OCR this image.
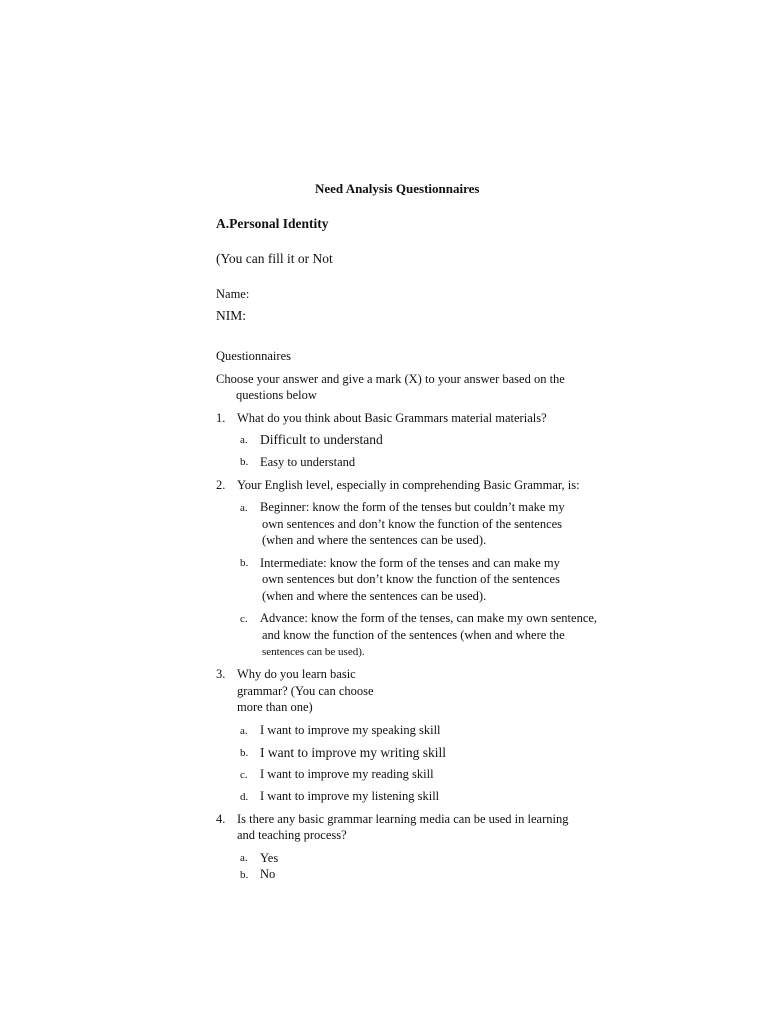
Need Analysis Questionnaires
A.Personal Identity
(You can fill it or Not
Name:
NIM:
Questionnaires
Choose your answer and give a mark (X) to your answer based on the
questions below
1. What do you think about Basic Grammars material materials?
a. Difficult to understand
b. Easy to understand
2. Your English level, especially in comprehending Basic Grammar, is:
a. Beginner: know the form of the tenses but couldn’t make my
own sentences and don’t know the function of the sentences
(when and where the sentences can be used).
b. Intermediate: know the form of the tenses and can make my
own sentences but don’t know the function of the sentences
(when and where the sentences can be used).
c. Advance: know the form of the tenses, can make my own sentence,
and know the function of the sentences (when and where the
sentences can be used).
3. Why do you learn basic
grammar? (You can choose
more than one)
a. I want to improve my speaking skill
b. I want to improve my writing skill
c. I want to improve my reading skill
d. I want to improve my listening skill
4. Is there any basic grammar learning media can be used in learning
and teaching process?
a. Yes
b. No
